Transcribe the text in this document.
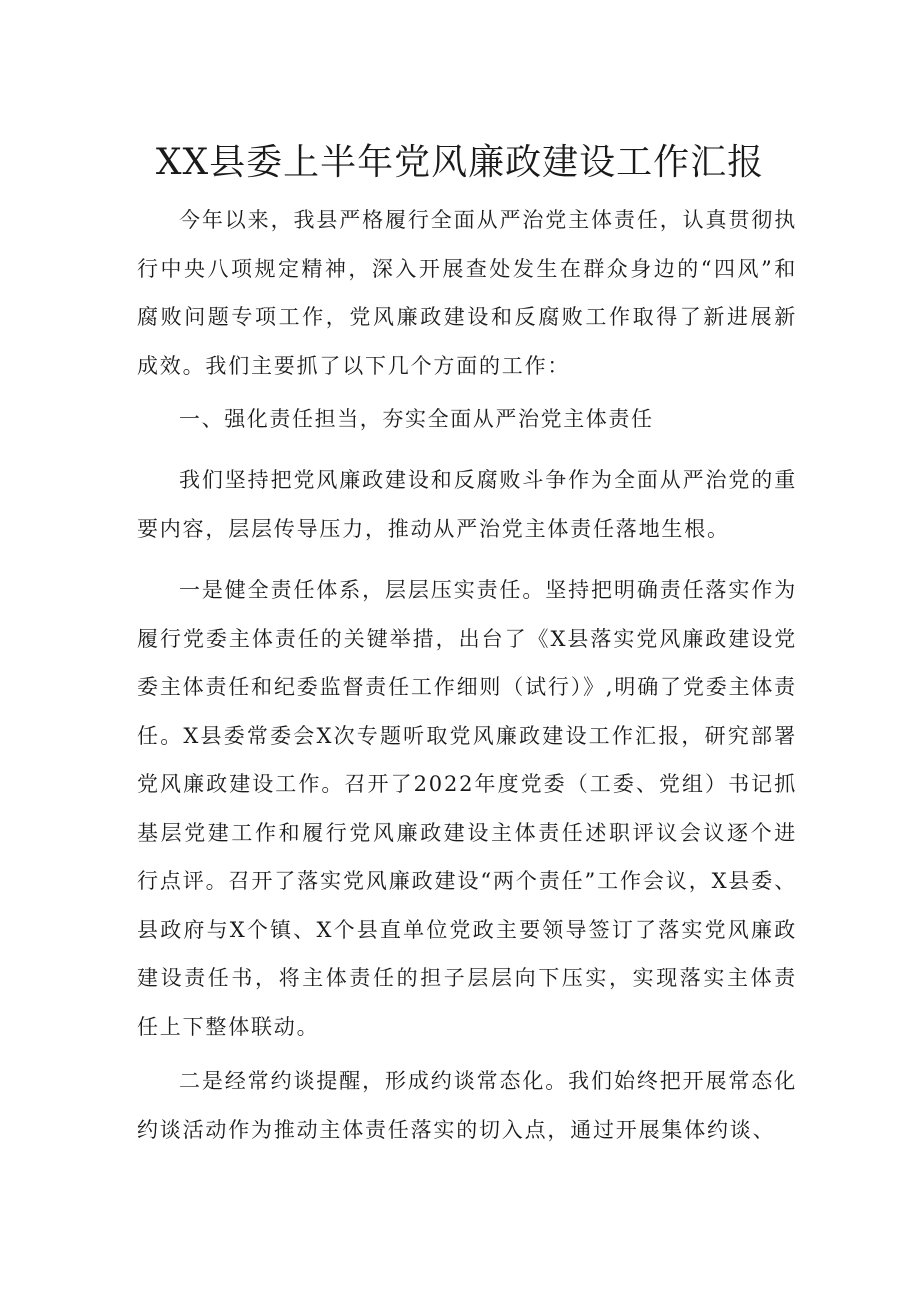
XX县委上半年党风廉政建设工作汇报

今年以来，我县严格履行全面从严治党主体责任，认真贯彻执行中央八项规定精神，深入开展查处发生在群众身边的“四风”和腐败问题专项工作，党风廉政建设和反腐败工作取得了新进展新成效。我们主要抓了以下几个方面的工作：

一、强化责任担当，夯实全面从严治党主体责任

我们坚持把党风廉政建设和反腐败斗争作为全面从严治党的重要内容，层层传导压力，推动从严治党主体责任落地生根。

一是健全责任体系，层层压实责任。坚持把明确责任落实作为履行党委主体责任的关键举措，出台了《X县落实党风廉政建设党委主体责任和纪委监督责任工作细则（试行）》,明确了党委主体责任。X县委常委会X次专题听取党风廉政建设工作汇报，研究部署党风廉政建设工作。召开了2022年度党委（工委、党组）书记抓基层党建工作和履行党风廉政建设主体责任述职评议会议逐个进行点评。召开了落实党风廉政建设“两个责任”工作会议，X县委、县政府与X个镇、X个县直单位党政主要领导签订了落实党风廉政建设责任书，将主体责任的担子层层向下压实，实现落实主体责任上下整体联动。

二是经常约谈提醒，形成约谈常态化。我们始终把开展常态化约谈活动作为推动主体责任落实的切入点，通过开展集体约谈、
